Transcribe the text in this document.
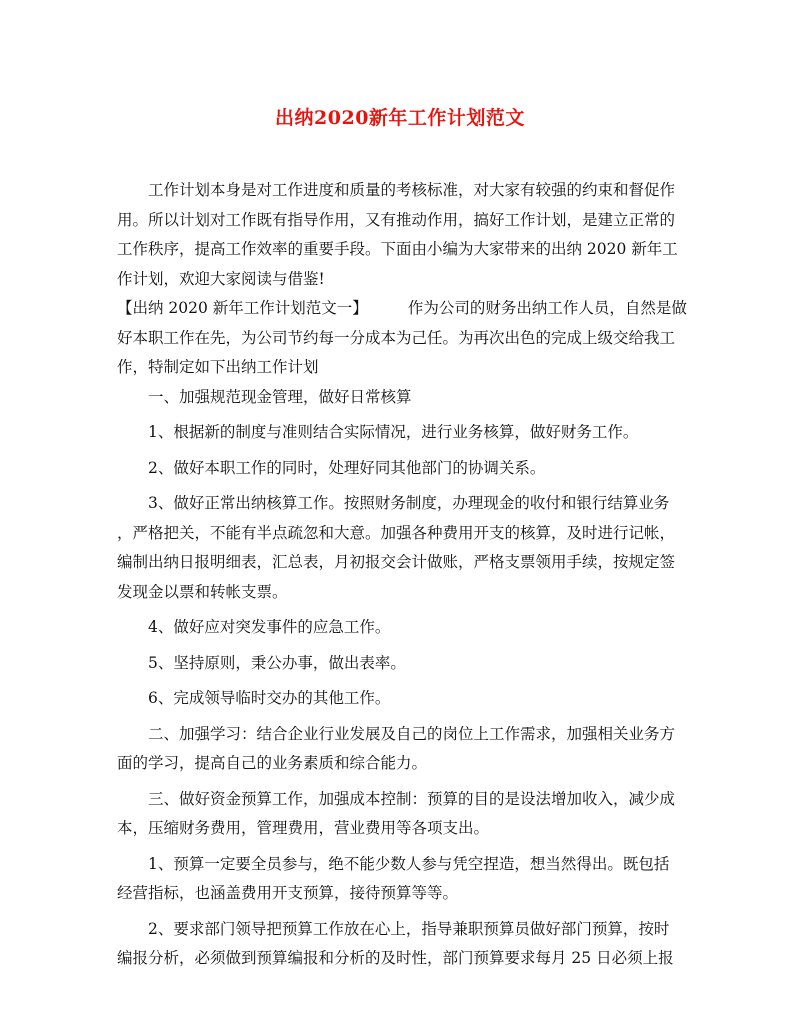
出纳2020新年工作计划范文
工作计划本身是对工作进度和质量的考核标准，对大家有较强的约束和督促作
用。所以计划对工作既有指导作用，又有推动作用，搞好工作计划，是建立正常的
工作秩序，提高工作效率的重要手段。下面由小编为大家带来的出纳 2020 新年工
作计划，欢迎大家阅读与借鉴!
【出纳 2020 新年工作计划范文一】	作为公司的财务出纳工作人员，自然是做
好本职工作在先，为公司节约每一分成本为己任。为再次出色的完成上级交给我工
作，特制定如下出纳工作计划
一、加强规范现金管理，做好日常核算
1、根据新的制度与准则结合实际情况，进行业务核算，做好财务工作。
2、做好本职工作的同时，处理好同其他部门的协调关系。
3、做好正常出纳核算工作。按照财务制度，办理现金的收付和银行结算业务
，严格把关，不能有半点疏忽和大意。加强各种费用开支的核算，及时进行记帐，
编制出纳日报明细表，汇总表，月初报交会计做账，严格支票领用手续，按规定签
发现金以票和转帐支票。
4、做好应对突发事件的应急工作。
5、坚持原则，秉公办事，做出表率。
6、完成领导临时交办的其他工作。
二、加强学习：结合企业行业发展及自己的岗位上工作需求，加强相关业务方
面的学习，提高自己的业务素质和综合能力。
三、做好资金预算工作，加强成本控制：预算的目的是设法增加收入，减少成
本，压缩财务费用，管理费用，营业费用等各项支出。
1、预算一定要全员参与，绝不能少数人参与凭空捏造，想当然得出。既包括
经营指标，也涵盖费用开支预算，接待预算等等。
2、要求部门领导把预算工作放在心上，指导兼职预算员做好部门预算，按时
编报分析，必须做到预算编报和分析的及时性，部门预算要求每月 25 日必须上报
